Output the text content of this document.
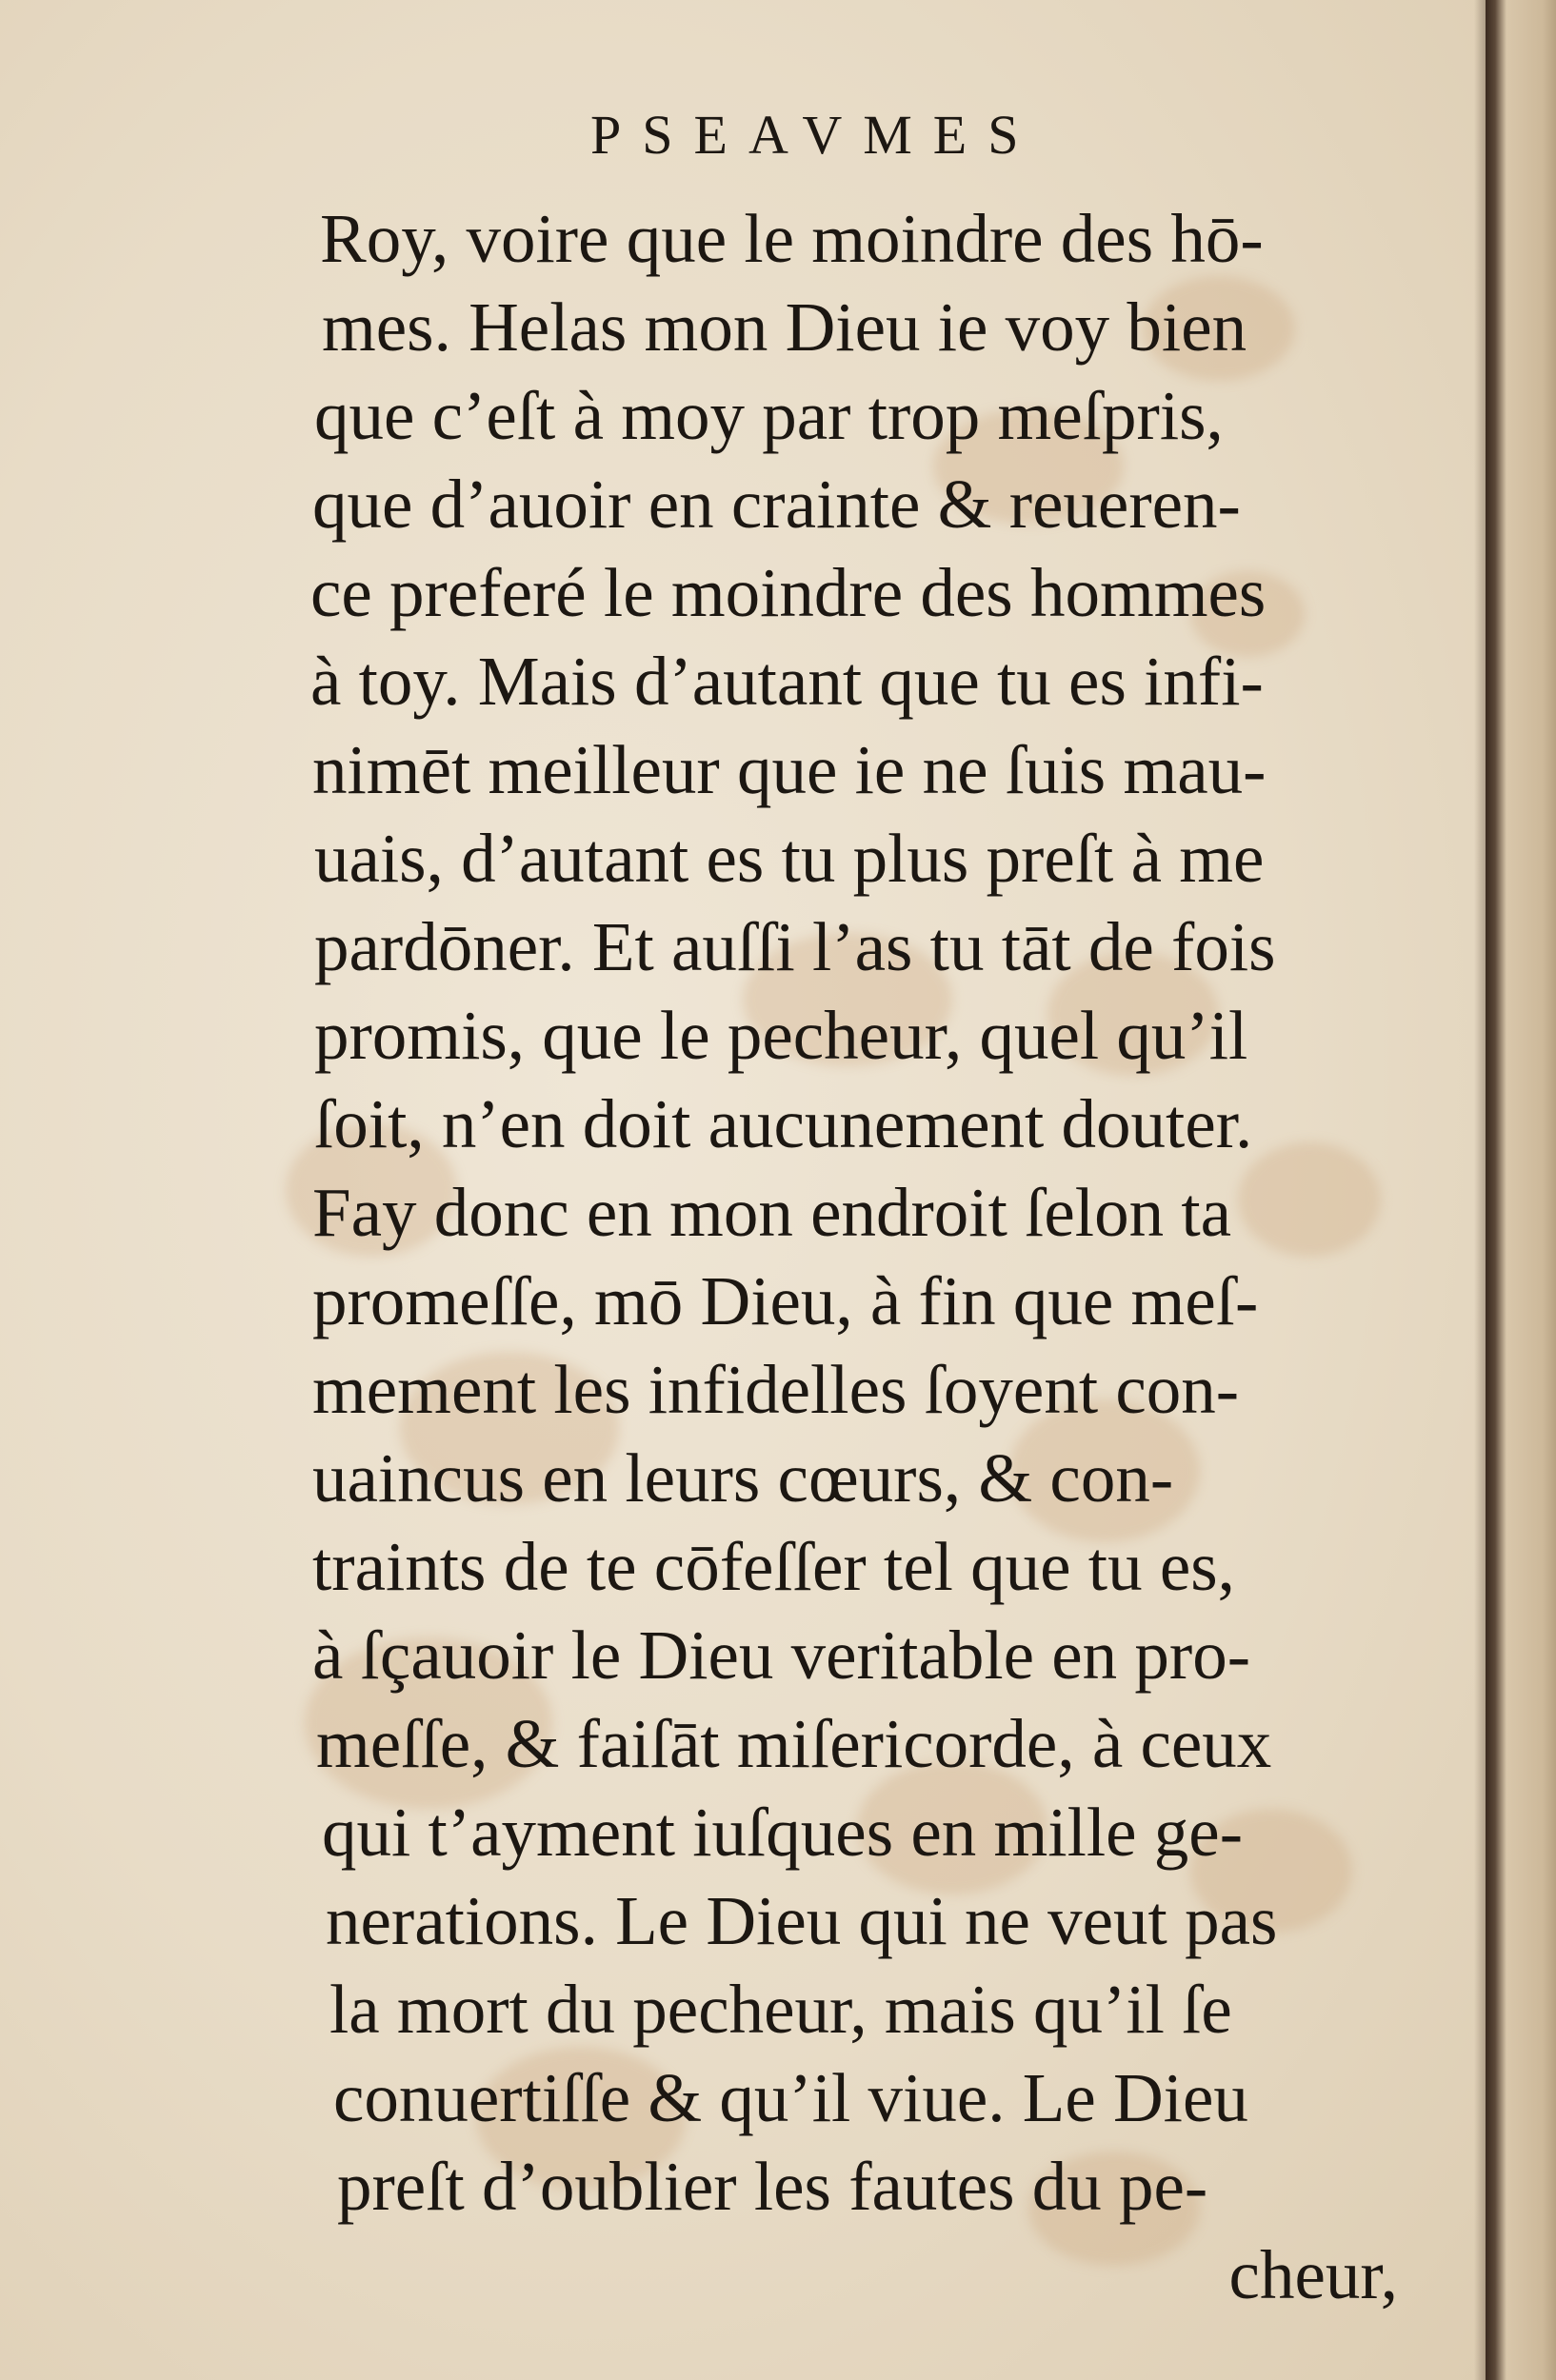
PSEAVMES
Roy, voire que le moindre des hō-
mes. Helas mon Dieu ie voy bien
que c’eſt à moy par trop meſpris,
que d’auoir en crainte & reueren-
ce preferé le moindre des hommes
à toy. Mais d’autant que tu es infi-
nimēt meilleur que ie ne ſuis mau-
uais, d’autant es tu plus preſt à me
pardōner. Et auſſi l’as tu tāt de fois
promis, que le pecheur, quel qu’il
ſoit, n’en doit aucunement douter.
Fay donc en mon endroit ſelon ta
promeſſe, mō Dieu, à fin que meſ-
mement les infidelles ſoyent con-
uaincus en leurs cœurs, & con-
traints de te cōfeſſer tel que tu es,
à ſçauoir le Dieu veritable en pro-
meſſe, & faiſāt miſericorde, à ceux
qui t’ayment iuſques en mille ge-
nerations. Le Dieu qui ne veut pas
la mort du pecheur, mais qu’il ſe
conuertiſſe & qu’il viue. Le Dieu
preſt d’oublier les fautes du pe-
cheur,
